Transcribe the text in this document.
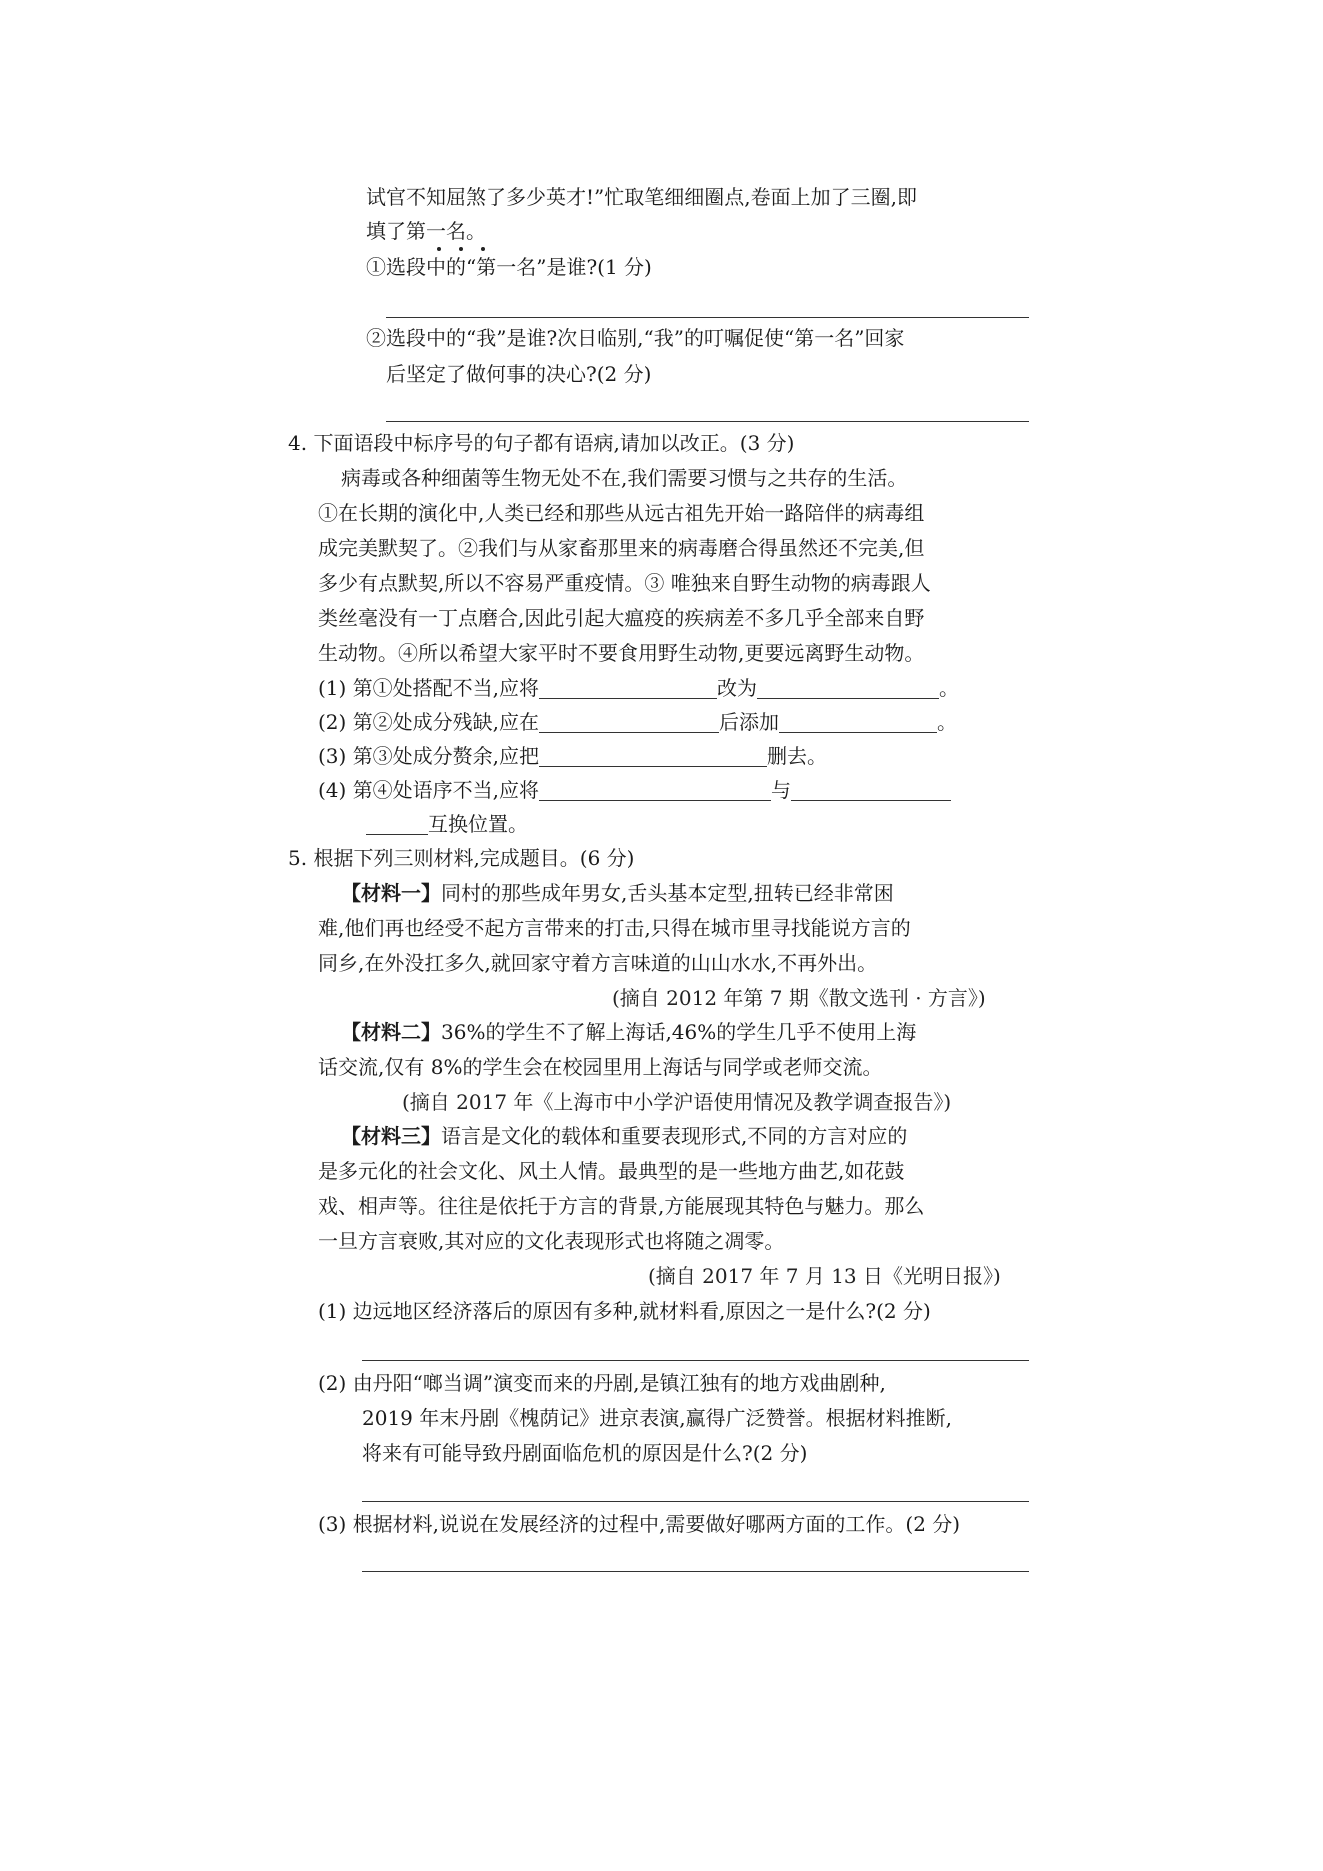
试官不知屈煞了多少英才!”忙取笔细细圈点,卷面上加了三圈,即
填了第一名。
①选段中的“第一名”是谁?(1 分)
②选段中的“我”是谁?次日临别,“我”的叮嘱促使“第一名”回家
后坚定了做何事的决心?(2 分)
4. 下面语段中标序号的句子都有语病,请加以改正。(3 分)
病毒或各种细菌等生物无处不在,我们需要习惯与之共存的生活。
①在长期的演化中,人类已经和那些从远古祖先开始一路陪伴的病毒组
成完美默契了。②我们与从家畜那里来的病毒磨合得虽然还不完美,但
多少有点默契,所以不容易严重疫情。③ 唯独来自野生动物的病毒跟人
类丝毫没有一丁点磨合,因此引起大瘟疫的疾病差不多几乎全部来自野
生动物。④所以希望大家平时不要食用野生动物,更要远离野生动物。
(1) 第①处搭配不当,应将	改为	。
(2) 第②处成分残缺,应在	后添加	。
(3) 第③处成分赘余,应把	删去。
(4) 第④处语序不当,应将	与
互换位置。
5. 根据下列三则材料,完成题目。(6 分)
【材料一】同村的那些成年男女,舌头基本定型,扭转已经非常困
难,他们再也经受不起方言带来的打击,只得在城市里寻找能说方言的
同乡,在外没扛多久,就回家守着方言味道的山山水水,不再外出。
(摘自 2012 年第 7 期《散文选刊 · 方言》)
【材料二】36%的学生不了解上海话,46%的学生几乎不使用上海
话交流,仅有 8%的学生会在校园里用上海话与同学或老师交流。
(摘自 2017 年《上海市中小学沪语使用情况及教学调查报告》)
【材料三】语言是文化的载体和重要表现形式,不同的方言对应的
是多元化的社会文化、风土人情。最典型的是一些地方曲艺,如花鼓
戏、相声等。往往是依托于方言的背景,方能展现其特色与魅力。那么
一旦方言衰败,其对应的文化表现形式也将随之凋零。
(摘自 2017 年 7 月 13 日《光明日报》)
(1) 边远地区经济落后的原因有多种,就材料看,原因之一是什么?(2 分)
(2) 由丹阳“啷当调”演变而来的丹剧,是镇江独有的地方戏曲剧种,
2019 年末丹剧《槐荫记》进京表演,赢得广泛赞誉。根据材料推断,
将来有可能导致丹剧面临危机的原因是什么?(2 分)
(3) 根据材料,说说在发展经济的过程中,需要做好哪两方面的工作。(2 分)
